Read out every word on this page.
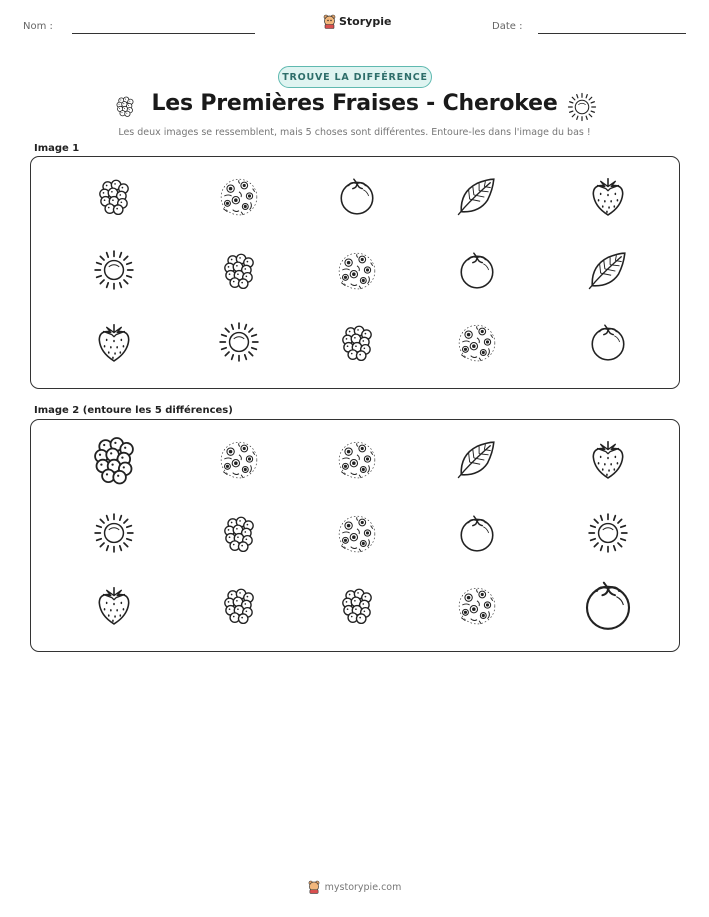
Nom :	Storypie	Date :
TROUVE LA DIFFÉRENCE
Les Premières Fraises - Cherokee
Les deux images se ressemblent, mais 5 choses sont différentes. Entoure-les dans l'image du bas !
Image 1
Image 2 (entoure les 5 différences)
mystorypie.com
